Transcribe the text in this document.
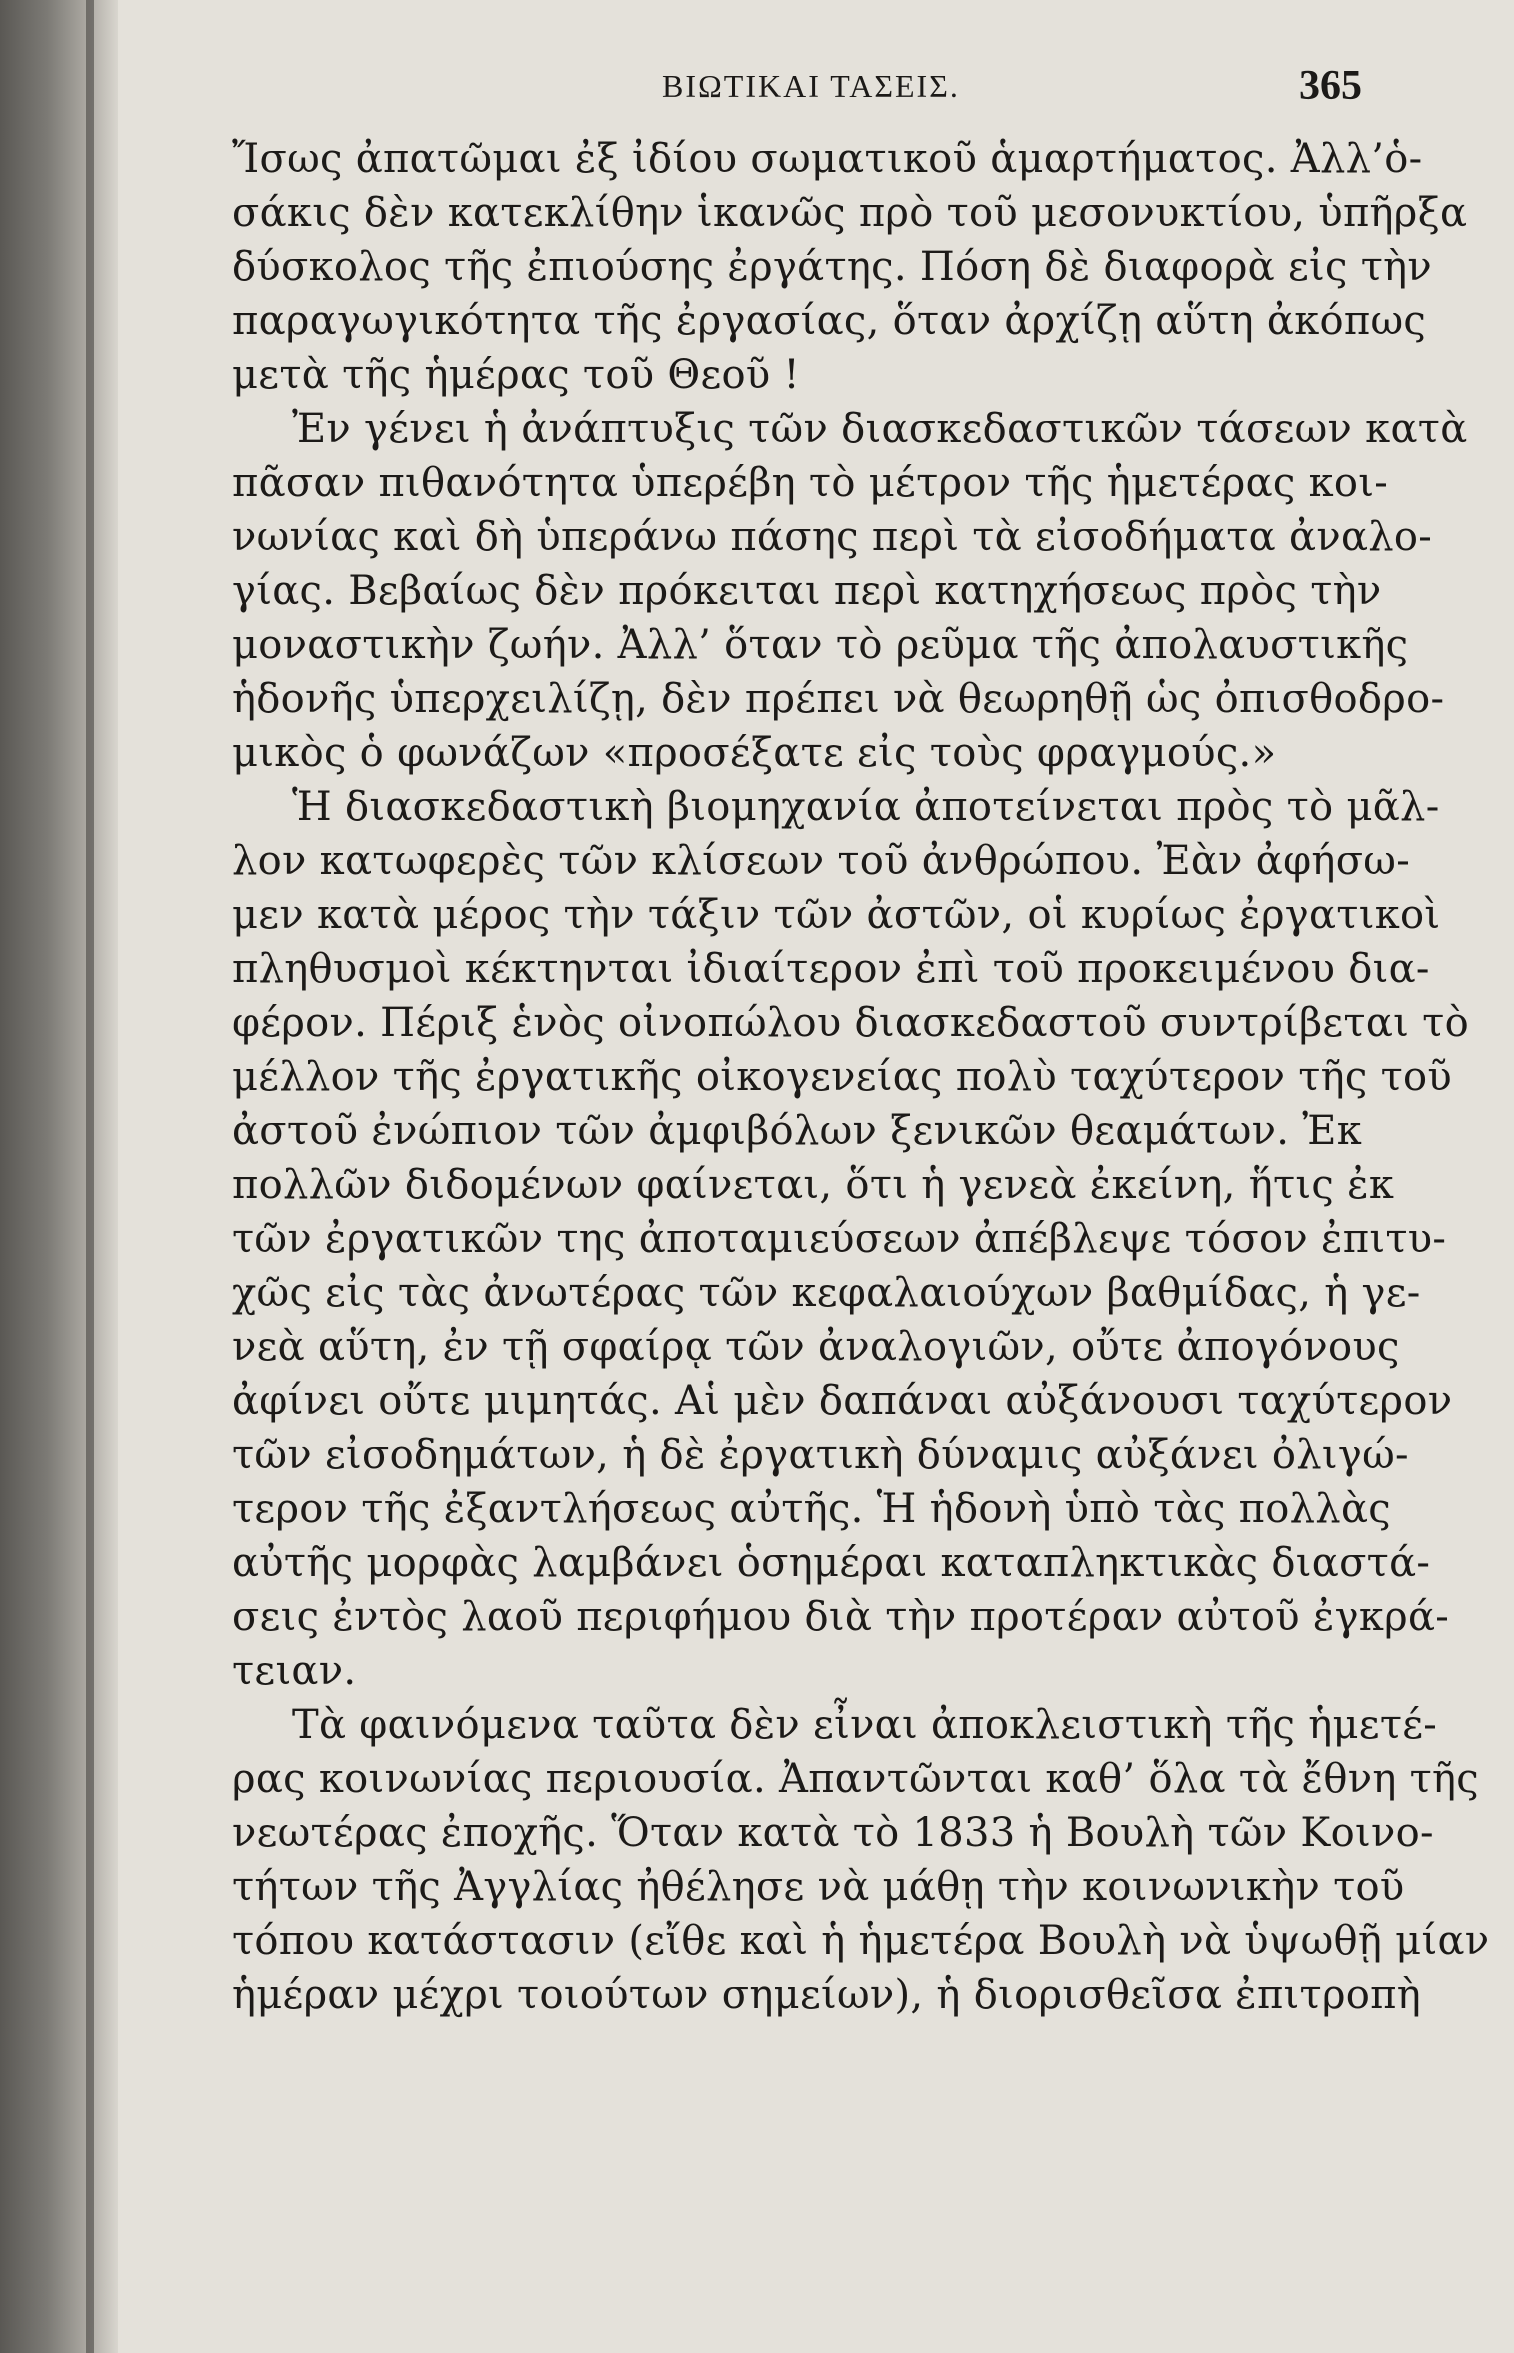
ΒΙΩΤΙΚΑΙ ΤΑΣΕΙΣ.	365
Ἴσως ἀπατῶμαι ἐξ ἰδίου σωματικοῦ ἁμαρτήματος. Ἀλλ’ὁ-
σάκις δὲν κατεκλίθην ἱκανῶς πρὸ τοῦ μεσονυκτίου, ὑπῆρξα
δύσκολος τῆς ἐπιούσης ἐργάτης. Πόση δὲ διαφορὰ εἰς τὴν
παραγωγικότητα τῆς ἐργασίας, ὅταν ἀρχίζῃ αὕτη ἀκόπως
μετὰ τῆς ἡμέρας τοῦ Θεοῦ !
Ἐν γένει ἡ ἀνάπτυξις τῶν διασκεδαστικῶν τάσεων κατὰ
πᾶσαν πιθανότητα ὑπερέβη τὸ μέτρον τῆς ἡμετέρας κοι-
νωνίας καὶ δὴ ὑπεράνω πάσης περὶ τὰ εἰσοδήματα ἀναλο-
γίας. Βεβαίως δὲν πρόκειται περὶ κατηχήσεως πρὸς τὴν
μοναστικὴν ζωήν. Ἀλλ’ ὅταν τὸ ρεῦμα τῆς ἀπολαυστικῆς
ἡδονῆς ὑπερχειλίζῃ, δὲν πρέπει νὰ θεωρηθῇ ὡς ὀπισθοδρο-
μικὸς ὁ φωνάζων «προσέξατε εἰς τοὺς φραγμούς.»
Ἡ διασκεδαστικὴ βιομηχανία ἀποτείνεται πρὸς τὸ μᾶλ-
λον κατωφερὲς τῶν κλίσεων τοῦ ἀνθρώπου. Ἐὰν ἀφήσω-
μεν κατὰ μέρος τὴν τάξιν τῶν ἀστῶν, οἱ κυρίως ἐργατικοὶ
πληθυσμοὶ κέκτηνται ἰδιαίτερον ἐπὶ τοῦ προκειμένου δια-
φέρον. Πέριξ ἑνὸς οἰνοπώλου διασκεδαστοῦ συντρίβεται τὸ
μέλλον τῆς ἐργατικῆς οἰκογενείας πολὺ ταχύτερον τῆς τοῦ
ἀστοῦ ἐνώπιον τῶν ἀμφιβόλων ξενικῶν θεαμάτων. Ἐκ
πολλῶν διδομένων φαίνεται, ὅτι ἡ γενεὰ ἐκείνη, ἥτις ἐκ
τῶν ἐργατικῶν της ἀποταμιεύσεων ἀπέβλεψε τόσον ἐπιτυ-
χῶς εἰς τὰς ἀνωτέρας τῶν κεφαλαιούχων βαθμίδας, ἡ γε-
νεὰ αὕτη, ἐν τῇ σφαίρᾳ τῶν ἀναλογιῶν, οὔτε ἀπογόνους
ἀφίνει οὔτε μιμητάς. Αἱ μὲν δαπάναι αὐξάνουσι ταχύτερον
τῶν εἰσοδημάτων, ἡ δὲ ἐργατικὴ δύναμις αὐξάνει ὀλιγώ-
τερον τῆς ἐξαντλήσεως αὐτῆς. Ἡ ἡδονὴ ὑπὸ τὰς πολλὰς
αὐτῆς μορφὰς λαμβάνει ὁσημέραι καταπληκτικὰς διαστά-
σεις ἐντὸς λαοῦ περιφήμου διὰ τὴν προτέραν αὐτοῦ ἐγκρά-
τειαν.
Τὰ φαινόμενα ταῦτα δὲν εἶναι ἀποκλειστικὴ τῆς ἡμετέ-
ρας κοινωνίας περιουσία. Ἀπαντῶνται καθ’ ὅλα τὰ ἔθνη τῆς
νεωτέρας ἐποχῆς. Ὅταν κατὰ τὸ 1833 ἡ Βουλὴ τῶν Κοινο-
τήτων τῆς Ἀγγλίας ἠθέλησε νὰ μάθῃ τὴν κοινωνικὴν τοῦ
τόπου κατάστασιν (εἴθε καὶ ἡ ἡμετέρα Βουλὴ νὰ ὑψωθῇ μίαν
ἡμέραν μέχρι τοιούτων σημείων), ἡ διορισθεῖσα ἐπιτροπὴ
